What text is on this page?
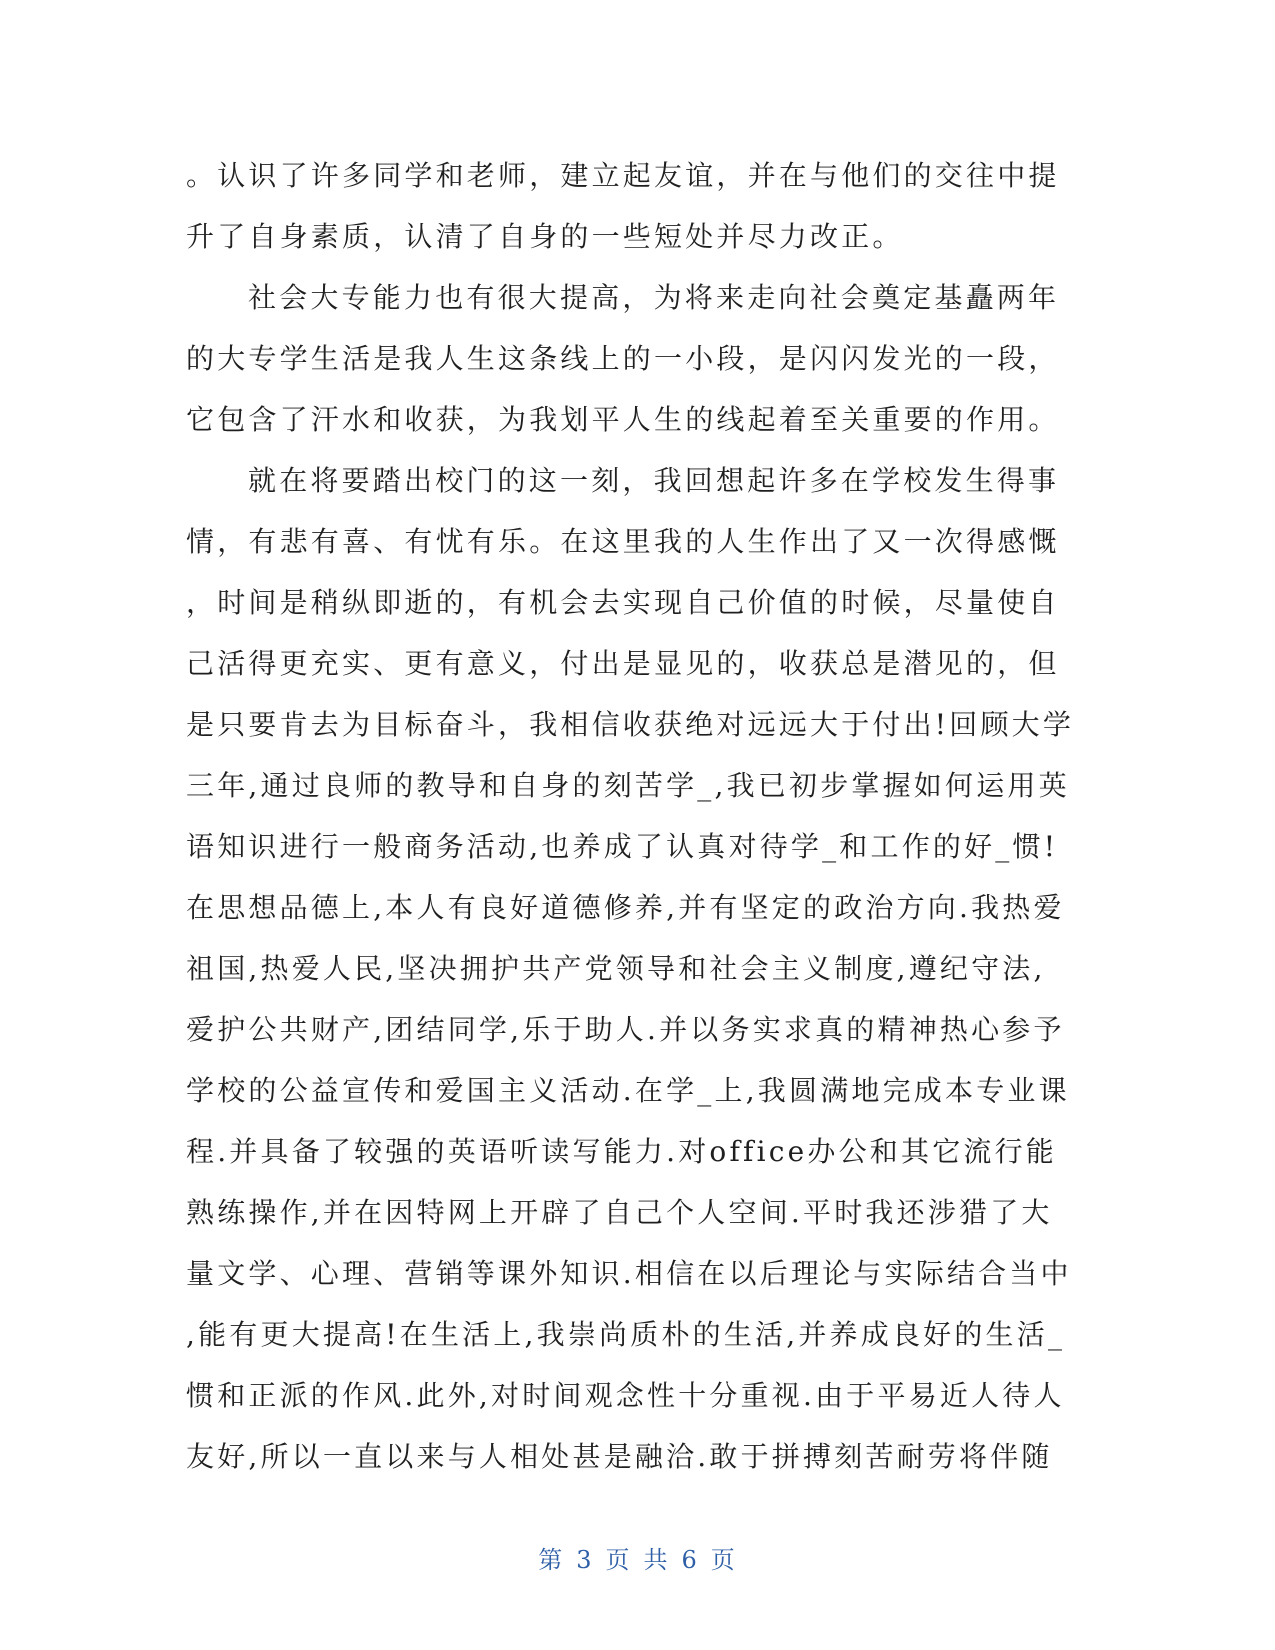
。认识了许多同学和老师，建立起友谊，并在与他们的交往中提
升了自身素质，认清了自身的一些短处并尽力改正。
社会大专能力也有很大提高，为将来走向社会奠定基矗两年
的大专学生活是我人生这条线上的一小段，是闪闪发光的一段，
它包含了汗水和收获，为我划平人生的线起着至关重要的作用。
就在将要踏出校门的这一刻，我回想起许多在学校发生得事
情，有悲有喜、有忧有乐。在这里我的人生作出了又一次得感慨
，时间是稍纵即逝的，有机会去实现自己价值的时候，尽量使自
己活得更充实、更有意义，付出是显见的，收获总是潜见的，但
是只要肯去为目标奋斗，我相信收获绝对远远大于付出!回顾大学
三年,通过良师的教导和自身的刻苦学_,我已初步掌握如何运用英
语知识进行一般商务活动,也养成了认真对待学_和工作的好_惯!
在思想品德上,本人有良好道德修养,并有坚定的政治方向.我热爱
祖国,热爱人民,坚决拥护共产党领导和社会主义制度,遵纪守法,
爱护公共财产,团结同学,乐于助人.并以务实求真的精神热心参予
学校的公益宣传和爱国主义活动.在学_上,我圆满地完成本专业课
程.并具备了较强的英语听读写能力.对office办公和其它流行能
熟练操作,并在因特网上开辟了自己个人空间.平时我还涉猎了大
量文学、心理、营销等课外知识.相信在以后理论与实际结合当中
,能有更大提高!在生活上,我崇尚质朴的生活,并养成良好的生活_
惯和正派的作风.此外,对时间观念性十分重视.由于平易近人待人
友好,所以一直以来与人相处甚是融洽.敢于拼搏刻苦耐劳将伴随
第 3 页 共 6 页
